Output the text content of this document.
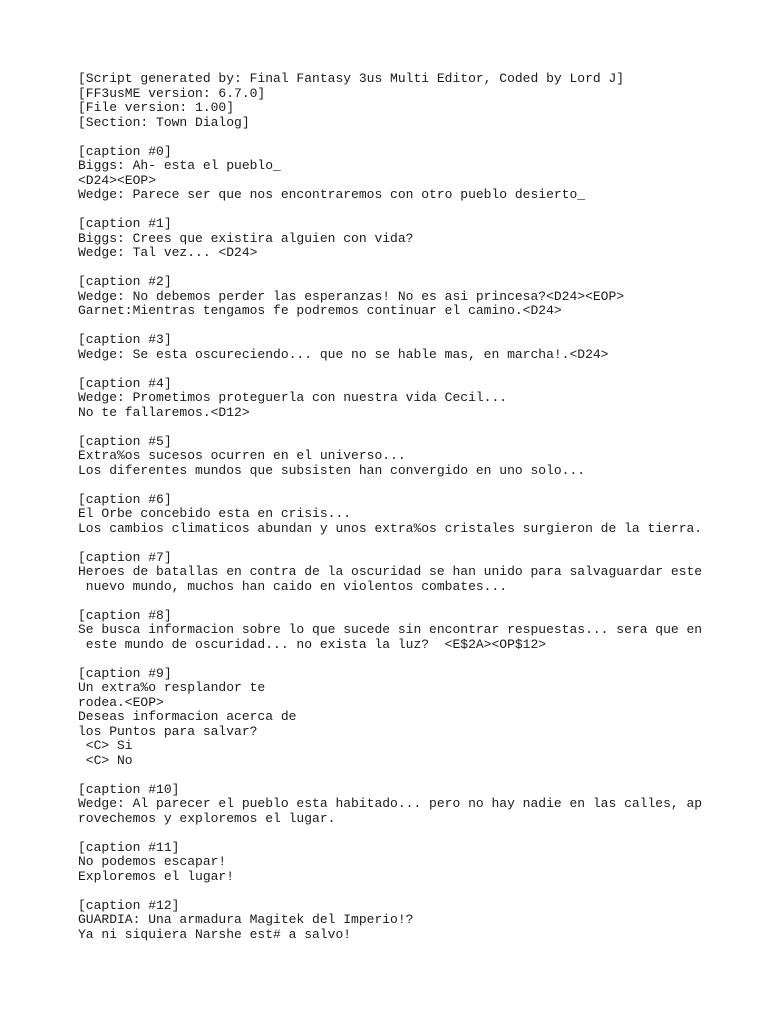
[Script generated by: Final Fantasy 3us Multi Editor, Coded by Lord J]
[FF3usME version: 6.7.0]
[File version: 1.00]
[Section: Town Dialog]
[caption #0]
Biggs: Ah- esta el pueblo_
<D24><EOP>
Wedge: Parece ser que nos encontraremos con otro pueblo desierto_
[caption #1]
Biggs: Crees que existira alguien con vida?
Wedge: Tal vez... <D24>
[caption #2]
Wedge: No debemos perder las esperanzas! No es asi princesa?<D24><EOP>
Garnet:Mientras tengamos fe podremos continuar el camino.<D24>
[caption #3]
Wedge: Se esta oscureciendo... que no se hable mas, en marcha!.<D24>
[caption #4]
Wedge: Prometimos proteguerla con nuestra vida Cecil...
No te fallaremos.<D12>
[caption #5]
Extra%os sucesos ocurren en el universo...
Los diferentes mundos que subsisten han convergido en uno solo...
[caption #6]
El Orbe concebido esta en crisis...
Los cambios climaticos abundan y unos extra%os cristales surgieron de la tierra.
[caption #7]
Heroes de batallas en contra de la oscuridad se han unido para salvaguardar este
nuevo mundo, muchos han caido en violentos combates...
[caption #8]
Se busca informacion sobre lo que sucede sin encontrar respuestas... sera que en
este mundo de oscuridad... no exista la luz?  <E$2A><OP$12>
[caption #9]
Un extra%o resplandor te
rodea.<EOP>
Deseas informacion acerca de
los Puntos para salvar?
<C> Si
<C> No
[caption #10]
Wedge: Al parecer el pueblo esta habitado... pero no hay nadie en las calles, ap
rovechemos y exploremos el lugar.
[caption #11]
No podemos escapar!
Exploremos el lugar!
[caption #12]
GUARDIA: Una armadura Magitek del Imperio!?
Ya ni siquiera Narshe est# a salvo!
